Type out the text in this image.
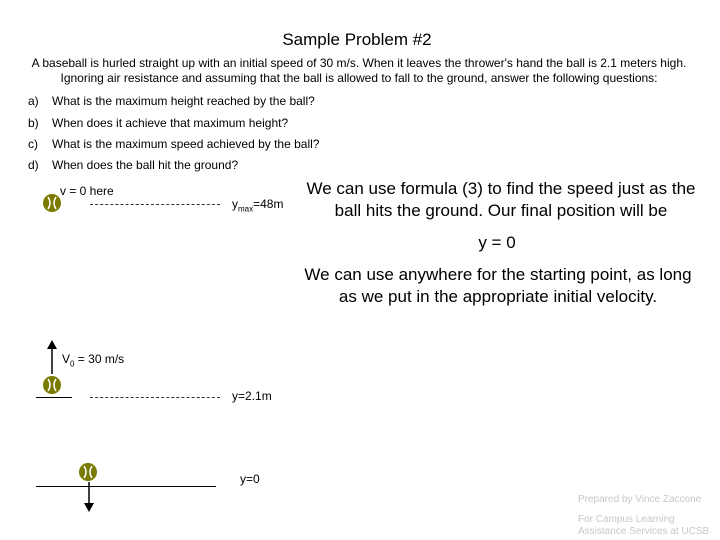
Sample Problem #2
A baseball is hurled straight up with an initial speed of 30 m/s. When it leaves the thrower's hand the ball is 2.1 meters high.
Ignoring air resistance and assuming that the ball is allowed to fall to the ground, answer the following questions:
a) What is the maximum height reached by the ball?
b) When does it achieve that maximum height?
c) What is the maximum speed achieved by the ball?
d) When does the ball hit the ground?
v = 0 here
$y_{max}=48m$
We can use formula (3) to find the speed just as the
ball hits the ground. Our final position will be
y = 0
We can use anywhere for the starting point, as long
as we put in the appropriate initial velocity.
$V_0 = 30$ m/s
y=2.1m
y=0
Prepared by Vince Zaccone
For Campus Learning
Assistance Services at UCSB
